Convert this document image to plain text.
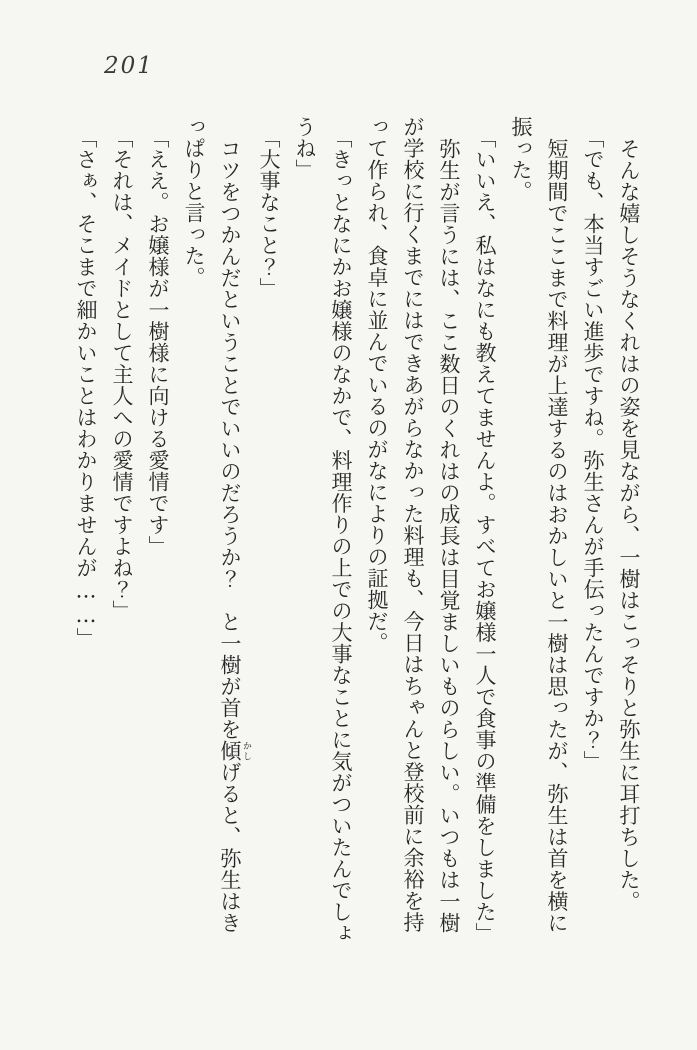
201

そんな嬉しそうなくれはの姿を見ながら、一樹はこっそりと弥生に耳打ちした。

「でも、本当すごい進歩ですね。弥生さんが手伝ったんですか？」

短期間でここまで料理が上達するのはおかしいと一樹は思ったが、弥生は首を横に

振った。

「いいえ、私はなにも教えてませんよ。すべてお嬢様一人で食事の準備をしました」

弥生が言うには、ここ数日のくれはの成長は目覚ましいものらしい。いつもは一樹

が学校に行くまでにはできあがらなかった料理も、今日はちゃんと登校前に余裕を持

って作られ、食卓に並んでいるのがなによりの証拠だ。

「きっとなにかお嬢様のなかで、料理作りの上での大事なことに気がついたんでしょ

うね」

「大事なこと？」

コツをつかんだということでいいのだろうか？　と一樹が首を傾 かしげると、弥生はき

っぱりと言った。

「ええ。お嬢様が一樹様に向ける愛情です」

「それは、メイドとして主人への愛情ですよね？」

「さぁ、そこまで細かいことはわかりませんが……」
